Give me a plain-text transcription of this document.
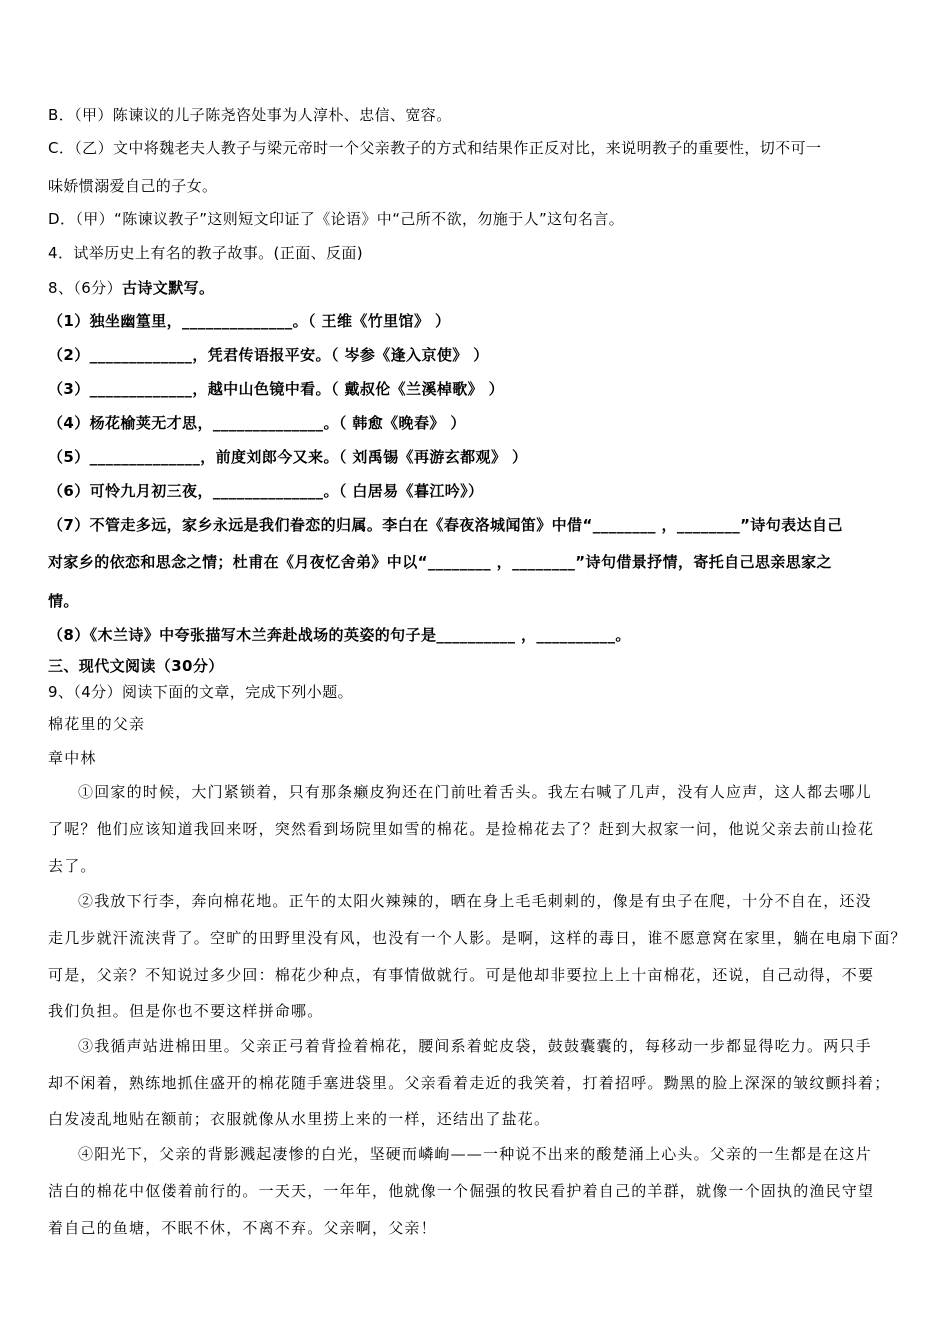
B．（甲）陈谏议的儿子陈尧咨处事为人淳朴、忠信、宽容。
C．（乙）文中将魏老夫人教子与梁元帝时一个父亲教子的方式和结果作正反对比，来说明教子的重要性，切不可一
味娇惯溺爱自己的子女。
D．（甲）“陈谏议教子”这则短文印证了《论语》中“己所不欲，勿施于人”这句名言。
4．试举历史上有名的教子故事。(正面、反面)
8、（6分）古诗文默写。
（1）独坐幽篁里，______________。（ 王维《竹里馆》 ）
（2）_____________，凭君传语报平安。（ 岑参《逢入京使》 ）
（3）_____________，越中山色镜中看。（ 戴叔伦《兰溪棹歌》 ）
（4）杨花榆荚无才思，______________。（ 韩愈《晚春》 ）
（5）______________，前度刘郎今又来。（ 刘禹锡《再游玄都观》 ）
（6）可怜九月初三夜，______________。（ 白居易《暮江吟》）
（7）不管走多远，家乡永远是我们眷恋的归属。李白在《春夜洛城闻笛》中借“________ ，________”诗句表达自己
对家乡的依恋和思念之情；杜甫在《月夜忆舍弟》中以“________ ，________”诗句借景抒情，寄托自己思亲思家之
情。
（8）《木兰诗》中夸张描写木兰奔赴战场的英姿的句子是__________ ，__________。
三、现代文阅读（30分）
9、（4分）阅读下面的文章，完成下列小题。
棉花里的父亲
章中林
①回家的时候，大门紧锁着，只有那条癞皮狗还在门前吐着舌头。我左右喊了几声，没有人应声，这人都去哪儿
了呢？他们应该知道我回来呀，突然看到场院里如雪的棉花。是捡棉花去了？赶到大叔家一问，他说父亲去前山捡花
去了。
②我放下行李，奔向棉花地。正午的太阳火辣辣的，晒在身上毛毛刺刺的，像是有虫子在爬，十分不自在，还没
走几步就汗流浃背了。空旷的田野里没有风，也没有一个人影。是啊，这样的毒日，谁不愿意窝在家里，躺在电扇下面？
可是，父亲？不知说过多少回：棉花少种点，有事情做就行。可是他却非要拉上上十亩棉花，还说，自己动得，不要
我们负担。但是你也不要这样拼命哪。
③我循声站进棉田里。父亲正弓着背捡着棉花，腰间系着蛇皮袋，鼓鼓囊囊的，每移动一步都显得吃力。两只手
却不闲着，熟练地抓住盛开的棉花随手塞进袋里。父亲看着走近的我笑着，打着招呼。黝黑的脸上深深的皱纹颤抖着；
白发凌乱地贴在额前；衣服就像从水里捞上来的一样，还结出了盐花。
④阳光下，父亲的背影溅起凄惨的白光，坚硬而嶙峋——一种说不出来的酸楚涌上心头。父亲的一生都是在这片
洁白的棉花中伛偻着前行的。一天天，一年年，他就像一个倔强的牧民看护着自己的羊群，就像一个固执的渔民守望
着自己的鱼塘，不眠不休，不离不弃。父亲啊，父亲！
